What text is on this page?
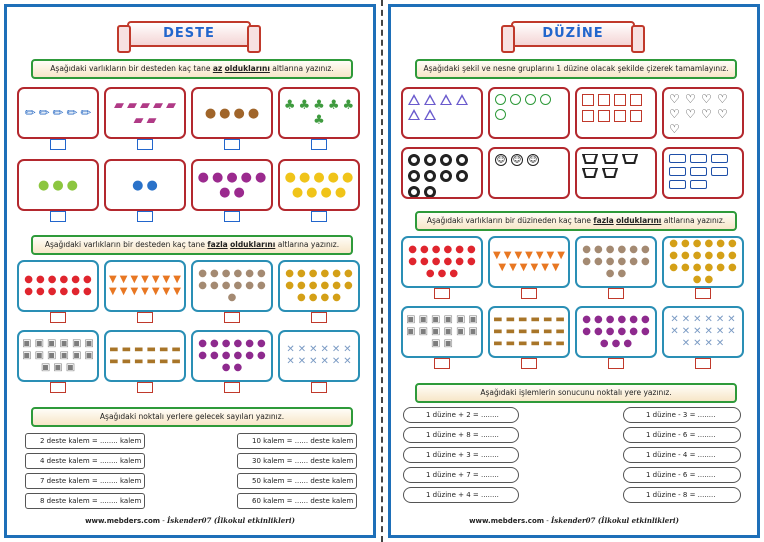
DESTE
Aşağıdaki varlıkların bir desteden kaç tane az olduklarını altlarına yazınız.
✏ ✏ ✏ ✏ ✏ ▰ ▰ ▰ ▰ ▰
▰ ▰	● ● ● ● ♣ ♣ ♣ ♣ ♣
♣
● ● ●	● ●	● ● ● ● ●
● ●
● ● ● ● ●
● ● ● ●
Aşağıdaki varlıkların bir desteden kaç tane fazla olduklarını altlarına yazınız.
● ● ● ● ● ●
● ● ● ● ● ●
▼ ▼ ▼ ▼ ▼ ▼ ▼
▼ ▼ ▼ ▼ ▼ ▼ ▼
● ● ● ● ● ●
● ● ● ● ● ●
●
● ● ● ● ● ●
● ● ● ● ● ●
● ● ● ●
▣ ▣ ▣ ▣ ▣ ▣
▣ ▣ ▣ ▣ ▣ ▣
▣ ▣ ▣
▬ ▬ ▬ ▬ ▬ ▬
▬ ▬ ▬ ▬ ▬ ▬
● ● ● ● ● ●
● ● ● ● ● ●
● ●
✕ ✕ ✕ ✕ ✕ ✕
✕ ✕ ✕ ✕ ✕ ✕
Aşağıdaki noktalı yerlere gelecek sayıları yazınız.
2 deste kalem = ........ kalem
4 deste kalem = ........ kalem
7 deste kalem = ........ kalem
8 deste kalem = ........ kalem
10 kalem = ...... deste kalem
30 kalem = ...... deste kalem
50 kalem = ...... deste kalem
60 kalem = ...... deste kalem
www.mebders.com - İskender07 (İlkokul etkinlikleri)
DÜZİNE
Aşağıdaki şekil ve nesne gruplarını 1 düzine olacak şekilde çizerek tamamlayınız.
♡ ♡ ♡ ♡
♡ ♡ ♡ ♡
♡
☺ ☺ ☺
Aşağıdaki varlıkların bir düzineden kaç tane fazla olduklarını altlarına yazınız.
● ● ● ● ● ●
● ● ● ● ● ●
● ● ●
▼ ▼ ▼ ▼ ▼ ▼ ▼
▼ ▼ ▼ ▼ ▼ ▼
● ● ● ● ● ●
● ● ● ● ● ●
● ●
● ● ● ● ● ●
● ● ● ● ● ●
● ● ● ● ● ●
● ●
▣ ▣ ▣ ▣ ▣ ▣
▣ ▣ ▣ ▣ ▣ ▣
▣ ▣
▬ ▬ ▬ ▬ ▬ ▬
▬ ▬ ▬ ▬ ▬ ▬
▬ ▬ ▬ ▬ ▬ ▬
● ● ● ● ● ●
● ● ● ● ● ●
● ● ●
✕ ✕ ✕ ✕ ✕ ✕
✕ ✕ ✕ ✕ ✕ ✕
✕ ✕ ✕ ✕
Aşağıdaki işlemlerin sonucunu noktalı yere yazınız.
1 düzine + 2 = ........
1 düzine + 8 = ........
1 düzine + 3 = ........
1 düzine + 7 = ........
1 düzine + 4 = ........
1 düzine - 3 = ........
1 düzine - 6 = ........
1 düzine - 4 = ........
1 düzine - 6 = ........
1 düzine - 8 = ........
www.mebders.com - İskender07 (İlkokul etkinlikleri)
